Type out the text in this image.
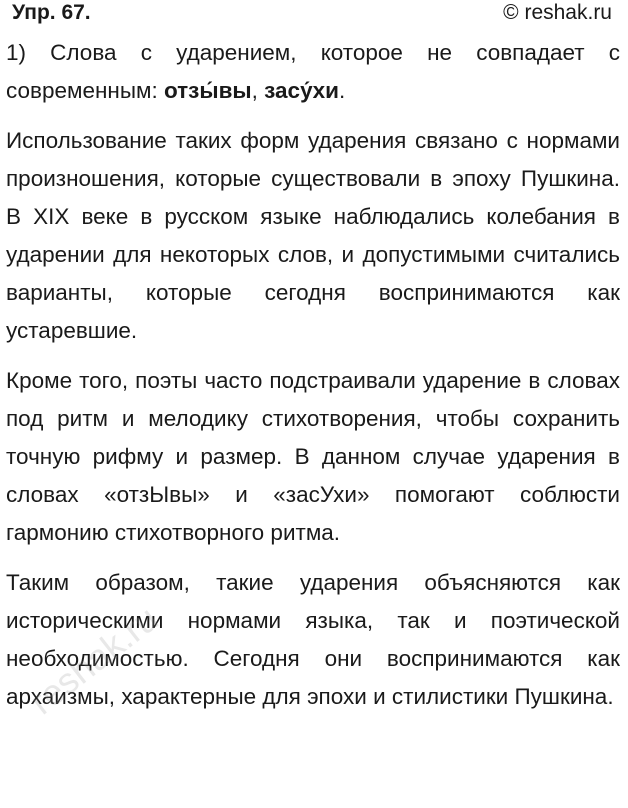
Упр. 67.	© reshak.ru

1) Слова с ударением, которое не совпадает с современным: отзы́вы, засу́хи.

Использование таких форм ударения связано с нормами произношения, которые существовали в эпоху Пушкина. В XIX веке в русском языке наблюдались колебания в ударении для некоторых слов, и допустимыми считались варианты, которые сегодня воспринимаются как устаревшие.

Кроме того, поэты часто подстраивали ударение в словах под ритм и мелодику стихотворения, чтобы сохранить точную рифму и размер. В данном случае ударения в словах «отзЫвы» и «засУхи» помогают соблюсти гармонию стихотворного ритма.

Таким образом, такие ударения объясняются как историческими нормами языка, так и поэтической необходимостью. Сегодня они воспринимаются как архаизмы, характерные для эпохи и стилистики Пушкина.

reshak.ru
